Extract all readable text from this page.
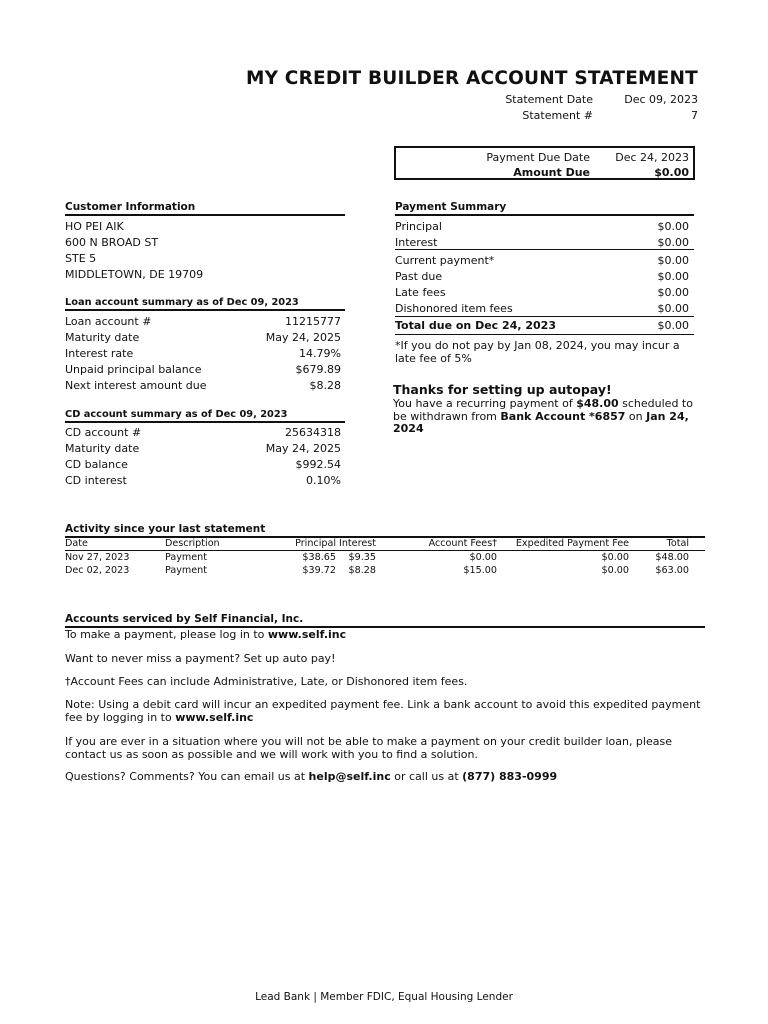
MY CREDIT BUILDER ACCOUNT STATEMENT
Statement Date	Dec 09, 2023
Statement #	7
Payment Due Date Dec 24, 2023
Amount Due	$0.00
Customer Information
HO PEI AIK
600 N BROAD ST
STE 5
MIDDLETOWN, DE 19709
Loan account summary as of Dec 09, 2023
Loan account #	11215777
Maturity date	May 24, 2025
Interest rate	14.79%
Unpaid principal balance	$679.89
Next interest amount due	$8.28
CD account summary as of Dec 09, 2023
CD account #	25634318
Maturity date	May 24, 2025
CD balance	$992.54
CD interest	0.10%
Payment Summary
Principal	$0.00
Interest	$0.00
Current payment*	$0.00
Past due	$0.00
Late fees	$0.00
Dishonored item fees	$0.00
Total due on Dec 24, 2023	$0.00
*If you do not pay by Jan 08, 2024, you may incur a
late fee of 5%
Thanks for setting up autopay!
You have a recurring payment of $48.00 scheduled to
be withdrawn from Bank Account *6857 on Jan 24,
2024
Activity since your last statement
Date	Description	Principal Interest	Account Fees†	Expedited Payment Fee	Total
Nov 27, 2023	Payment	$38.65	$9.35	$0.00	$0.00	$48.00
Dec 02, 2023	Payment	$39.72	$8.28	$15.00	$0.00	$63.00
Accounts serviced by Self Financial, Inc.
To make a payment, please log in to www.self.inc
Want to never miss a payment? Set up auto pay!
†Account Fees can include Administrative, Late, or Dishonored item fees.
Note: Using a debit card will incur an expedited payment fee. Link a bank account to avoid this expedited payment
fee by logging in to www.self.inc
If you are ever in a situation where you will not be able to make a payment on your credit builder loan, please
contact us as soon as possible and we will work with you to find a solution.
Questions? Comments? You can email us at help@self.inc or call us at (877) 883-0999
Lead Bank | Member FDIC, Equal Housing Lender
